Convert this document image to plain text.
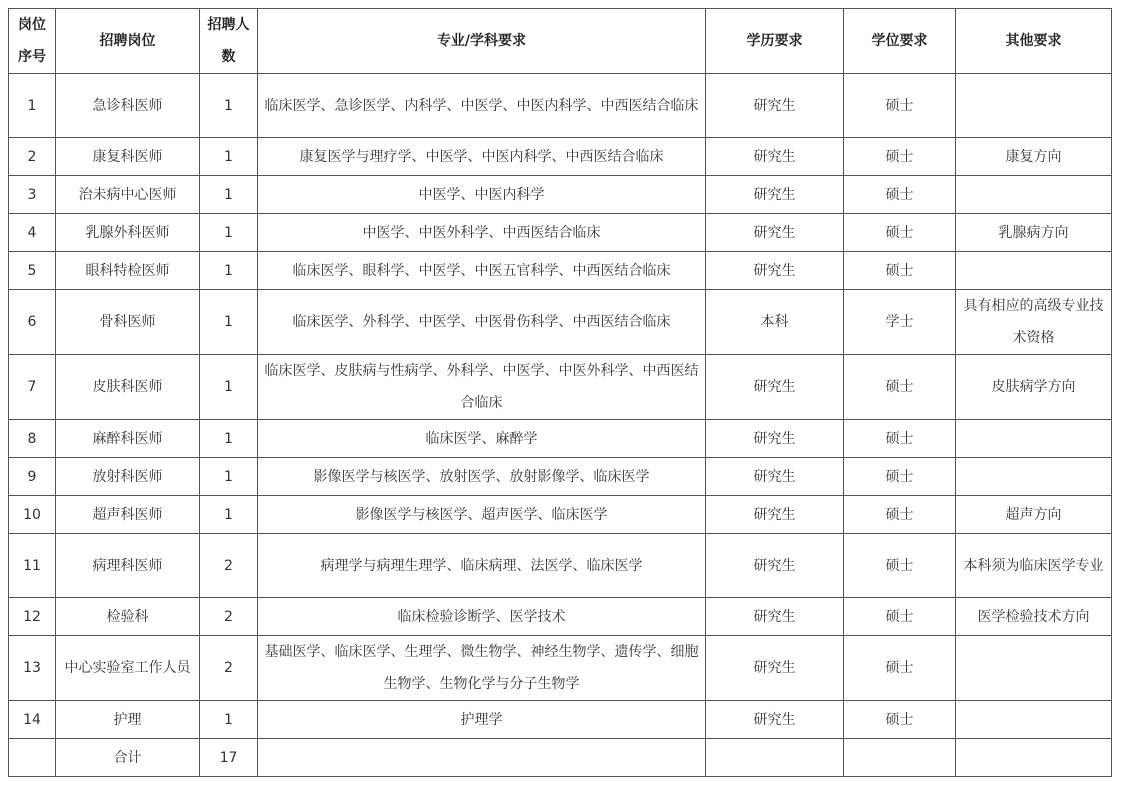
岗位序号	招聘岗位	招聘人数	专业/学科要求	学历要求	学位要求	其他要求
1	急诊科医师	1	临床医学、急诊医学、内科学、中医学、中医内科学、中西医结合临床	研究生	硕士	
2	康复科医师	1	康复医学与理疗学、中医学、中医内科学、中西医结合临床	研究生	硕士	康复方向
3	治未病中心医师	1	中医学、中医内科学	研究生	硕士	
4	乳腺外科医师	1	中医学、中医外科学、中西医结合临床	研究生	硕士	乳腺病方向
5	眼科特检医师	1	临床医学、眼科学、中医学、中医五官科学、中西医结合临床	研究生	硕士	
6	骨科医师	1	临床医学、外科学、中医学、中医骨伤科学、中西医结合临床	本科	学士	具有相应的高级专业技术资格
7	皮肤科医师	1	临床医学、皮肤病与性病学、外科学、中医学、中医外科学、中西医结合临床	研究生	硕士	皮肤病学方向
8	麻醉科医师	1	临床医学、麻醉学	研究生	硕士	
9	放射科医师	1	影像医学与核医学、放射医学、放射影像学、临床医学	研究生	硕士	
10	超声科医师	1	影像医学与核医学、超声医学、临床医学	研究生	硕士	超声方向
11	病理科医师	2	病理学与病理生理学、临床病理、法医学、临床医学	研究生	硕士	本科须为临床医学专业
12	检验科	2	临床检验诊断学、医学技术	研究生	硕士	医学检验技术方向
13	中心实验室工作人员	2	基础医学、临床医学、生理学、微生物学、神经生物学、遗传学、细胞生物学、生物化学与分子生物学	研究生	硕士	
14	护理	1	护理学	研究生	硕士	
	合计	17				
